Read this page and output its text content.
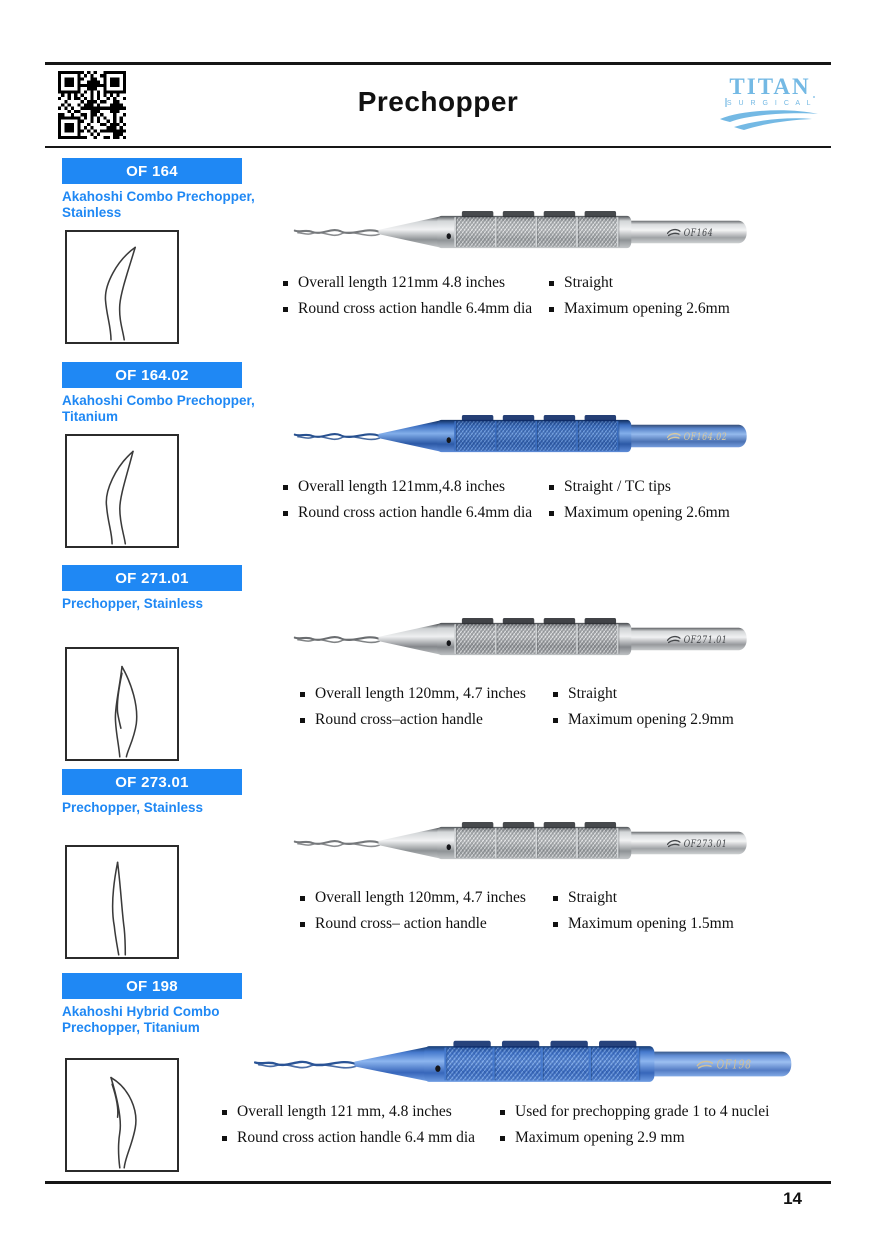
Prechopper	TITAN
S U R G I C A L
OF 164
Akahoshi Combo Prechopper, Stainless
OF164
Overall length 121mm 4.8 inches
Round cross action handle 6.4mm dia
Straight
Maximum opening 2.6mm
OF 164.02
Akahoshi Combo Prechopper, Titanium
OF164.02
Overall length 121mm,4.8 inches
Round cross action handle 6.4mm dia
Straight / TC tips
Maximum opening 2.6mm
OF 271.01
Prechopper, Stainless
OF271.01
Overall length 120mm, 4.7 inches
Round cross–action handle
Straight
Maximum opening 2.9mm
OF 273.01
Prechopper, Stainless
OF273.01
Overall length 120mm, 4.7 inches
Round cross– action handle
Straight
Maximum opening 1.5mm
OF 198
Akahoshi Hybrid Combo Prechopper, Titanium
OF198
Overall length 121 mm, 4.8 inches
Round cross action handle 6.4 mm dia
Used for prechopping grade 1 to 4 nuclei
Maximum opening 2.9 mm
14
